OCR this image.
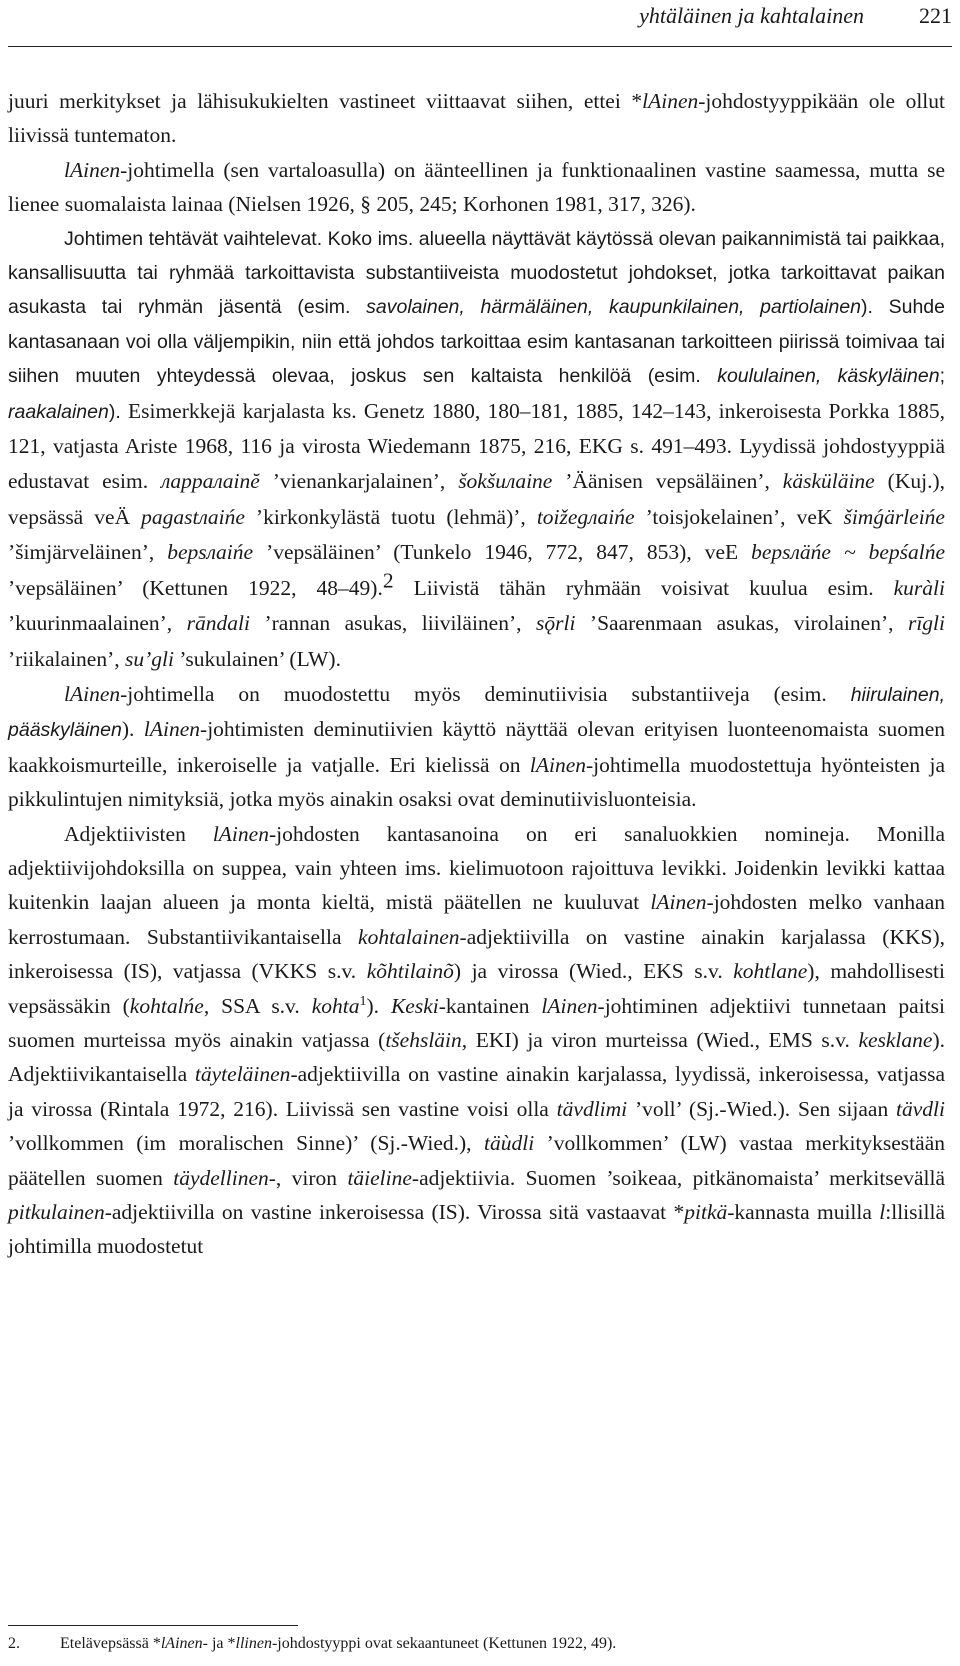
yhtäläinen ja kahtalainen	221

juuri merkitykset ja lähisukukielten vastineet viittaavat siihen, ettei *lAinen-johdostyyppikään ole ollut liivissä tuntematon.

lAinen-johtimella (sen vartaloasulla) on äänteellinen ja funktionaalinen vastine saamessa, mutta se lienee suomalaista lainaa (Nielsen 1926, § 205, 245; Korhonen 1981, 317, 326).

Johtimen tehtävät vaihtelevat. Koko ims. alueella näyttävät käytössä olevan paikannimistä tai paikkaa, kansallisuutta tai ryhmää tarkoittavista substantiiveista muodostetut johdokset, jotka tarkoittavat paikan asukasta tai ryhmän jäsentä (esim. savolainen, härmäläinen, kaupunkilainen, partiolainen). Suhde kantasanaan voi olla väljempikin, niin että johdos tarkoittaa esim kantasanan tarkoitteen piirissä toimivaa tai siihen muuten yhteydessä olevaa, joskus sen kaltaista henkilöä (esim. koululainen, käskyläinen; raakalainen). Esimerkkejä karjalasta ks. Genetz 1880, 180–181, 1885, 142–143, inkeroisesta Porkka 1885, 121, vatjasta Ariste 1968, 116 ja virosta Wiedemann 1875, 216, EKG s. 491–493. Lyydissä johdostyyppiä edustavat esim. лaрpaлainĕ ’vienankarjalainen’, šokšuлaine ’Äänisen vepsäläinen’, käsküläine (Kuj.), vepsässä veÄ pagastлaińe ’kirkonkylästä tuotu (lehmä)’, toižegлaińe ’toisjokelainen’, veK šimǵärleińe ’šimjärveläinen’, bepsлaińe ’vepsäläinen’ (Tunkelo 1946, 772, 847, 853), veE bepsлäńe ~ bepśalńe ’vepsäläinen’ (Kettunen 1922, 48–49).2 Liivistä tähän ryhmään voisivat kuulua esim. kuràli ’kuurinmaalainen’, rāndali ’rannan asukas, liiviläinen’, sǭrli ’Saarenmaan asukas, virolainen’, rīgli ’riikalainen’, su’gli ’sukulainen’ (LW).

lAinen-johtimella on muodostettu myös deminutiivisia substantiiveja (esim. hiirulainen, pääskyläinen). lAinen-johtimisten deminutiivien käyttö näyttää olevan erityisen luonteenomaista suomen kaakkoismurteille, inkeroiselle ja vatjalle. Eri kielissä on lAinen-johtimella muodostettuja hyönteisten ja pikkulintujen nimityksiä, jotka myös ainakin osaksi ovat deminutiivisluonteisia.

Adjektiivisten lAinen-johdosten kantasanoina on eri sanaluokkien nomineja. Monilla adjektiivijohdoksilla on suppea, vain yhteen ims. kielimuotoon rajoittuva levikki. Joidenkin levikki kattaa kuitenkin laajan alueen ja monta kieltä, mistä päätellen ne kuuluvat lAinen-johdosten melko vanhaan kerrostumaan. Substantiivikantaisella kohtalainen-adjektiivilla on vastine ainakin karjalassa (KKS), inkeroisessa (IS), vatjassa (VKKS s.v. kõhtilainõ) ja virossa (Wied., EKS s.v. kohtlane), mahdollisesti vepsässäkin (kohtalńe, SSA s.v. kohta$^1$). Keski-kantainen lAinen-johtiminen adjektiivi tunnetaan paitsi suomen murteissa myös ainakin vatjassa (tšehsläin, EKI) ja viron murteissa (Wied., EMS s.v. kesklane). Adjektiivikantaisella täyteläinen-adjektiivilla on vastine ainakin karjalassa, lyydissä, inkeroisessa, vatjassa ja virossa (Rintala 1972, 216). Liivissä sen vastine voisi olla tävdlimi ’voll’ (Sj.-Wied.). Sen sijaan tävdli ’vollkommen (im moralischen Sinne)’ (Sj.-Wied.), täùdli ’vollkommen’ (LW) vastaa merkityksestään päätellen suomen täydellinen-, viron täieline-adjektiivia. Suomen ’soikeaa, pitkänomaista’ merkitsevällä pitkulainen-adjektiivilla on vastine inkeroisessa (IS). Virossa sitä vastaavat *pitkä-kannasta muilla l:llisillä johtimilla muodostetut

2.	Etelävepsässä *lAinen- ja *llinen-johdostyyppi ovat sekaantuneet (Kettunen 1922, 49).
